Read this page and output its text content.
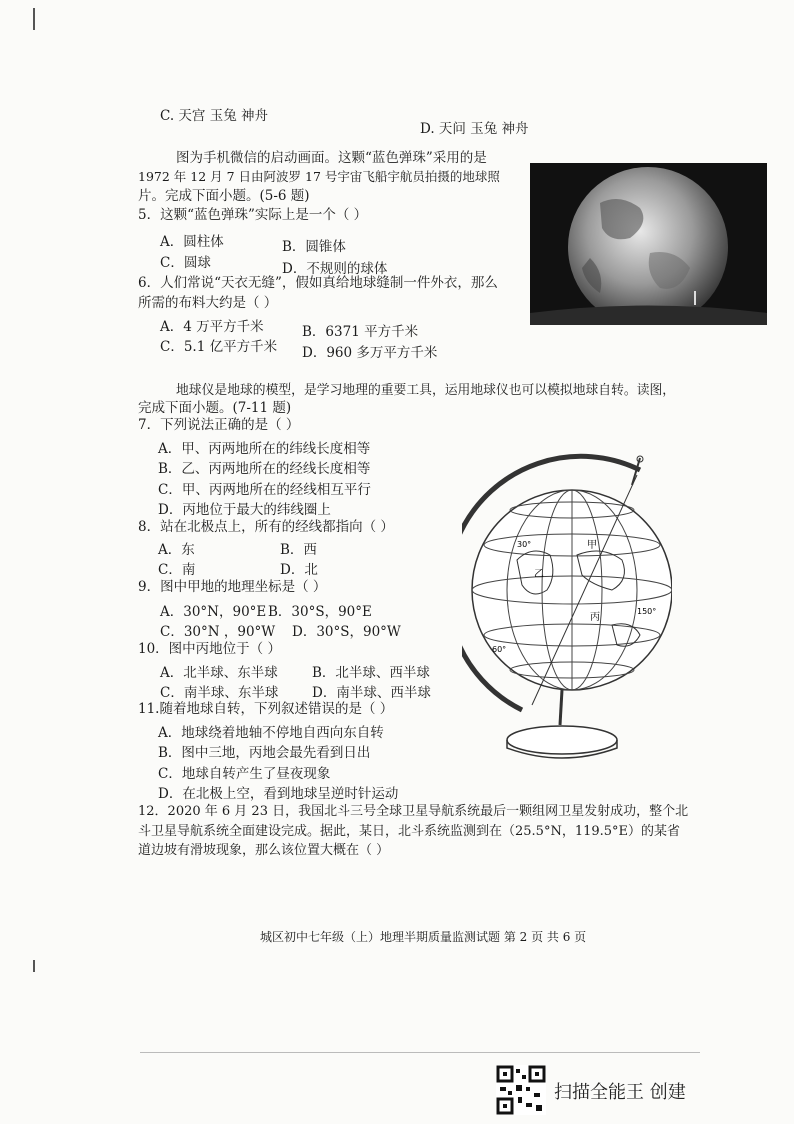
C. 天宫 玉兔 神舟
D. 天问 玉兔 神舟
图为手机微信的启动画面。这颗“蓝色弹珠”采用的是
1972 年 12 月 7 日由阿波罗 17 号宇宙飞船宇航员拍摄的地球照
片。完成下面小题。(5-6 题)
5．这颗“蓝色弹珠”实际上是一个（ ）
A．圆柱体	B．圆锥体
C．圆球	D．不规则的球体
6．人们常说“天衣无缝”，假如真给地球缝制一件外衣，那么
所需的布料大约是（ ）
A．4 万平方千米	B．6371 平方千米
C．5.1 亿平方千米 D．960 多万平方千米
地球仪是地球的模型，是学习地理的重要工具，运用地球仪也可以模拟地球自转。读图，
完成下面小题。(7-11 题)
7．下列说法正确的是（ ）
A．甲、丙两地所在的纬线长度相等
B．乙、丙两地所在的经线长度相等
C．甲、丙两地所在的经线相互平行
D．丙地位于最大的纬线圈上
8．站在北极点上，所有的经线都指向（ ）
A．东	B．西
C．南	D．北
9．图中甲地的地理坐标是（ ）
A．30°N，90°E B．30°S，90°E
C．30°N ，90°W D．30°S，90°W
10．图中丙地位于（ ）
A．北半球、东半球	B．北半球、西半球
C．南半球、东半球 D．南半球、西半球
11.随着地球自转，下列叙述错误的是（ ）
A．地球绕着地轴不停地自西向东自转
B．图中三地，丙地会最先看到日出
C．地球自转产生了昼夜现象
D．在北极上空，看到地球呈逆时针运动
12．2020 年 6 月 23 日，我国北斗三号全球卫星导航系统最后一颗组网卫星发射成功，整个北
斗卫星导航系统全面建设完成。据此，某日，北斗系统监测到在（25.5°N，119.5°E）的某省
道边坡有滑坡现象，那么该位置大概在（ ）
甲
乙
丙
30°
150°
60°
城区初中七年级（上）地理半期质量监测试题 第 2 页 共 6 页
扫描全能王 创建
